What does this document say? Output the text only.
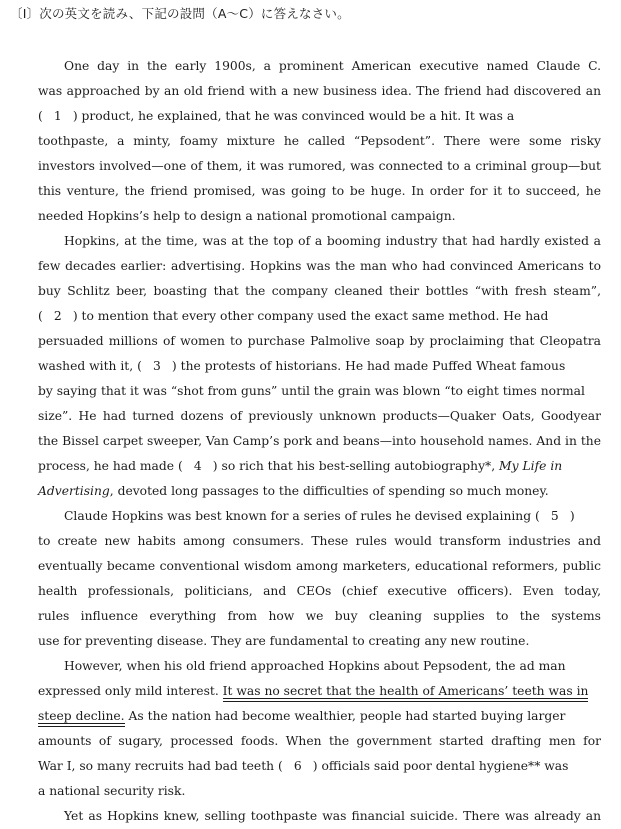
〔Ⅰ〕次の英文を読み、下記の設問（A〜C）に答えなさい。
One day in the early 1900s, a prominent American executive named Claude C.
was approached by an old friend with a new business idea. The friend had discovered an
( 1 ) product, he explained, that he was convinced would be a hit. It was a
toothpaste, a minty, foamy mixture he called “Pepsodent”. There were some risky
investors involved—one of them, it was rumored, was connected to a criminal group—but
this venture, the friend promised, was going to be huge. In order for it to succeed, he
needed Hopkins’s help to design a national promotional campaign.
Hopkins, at the time, was at the top of a booming industry that had hardly existed a
few decades earlier: advertising. Hopkins was the man who had convinced Americans to
buy Schlitz beer, boasting that the company cleaned their bottles “with fresh steam”,
( 2 ) to mention that every other company used the exact same method. He had
persuaded millions of women to purchase Palmolive soap by proclaiming that Cleopatra
washed with it, ( 3 ) the protests of historians. He had made Puffed Wheat famous
by saying that it was “shot from guns” until the grain was blown “to eight times normal
size”. He had turned dozens of previously unknown products—Quaker Oats, Goodyear
the Bissel carpet sweeper, Van Camp’s pork and beans—into household names. And in the
process, he had made ( 4 ) so rich that his best-selling autobiography*, My Life in
Advertising, devoted long passages to the difficulties of spending so much money.
Claude Hopkins was best known for a series of rules he devised explaining ( 5 )
to create new habits among consumers. These rules would transform industries and
eventually became conventional wisdom among marketers, educational reformers, public
health professionals, politicians, and CEOs (chief executive officers). Even today,
rules influence everything from how we buy cleaning supplies to the systems
use for preventing disease. They are fundamental to creating any new routine.
However, when his old friend approached Hopkins about Pepsodent, the ad man
expressed only mild interest. It was no secret that the health of Americans’ teeth was in
steep decline. As the nation had become wealthier, people had started buying larger
amounts of sugary, processed foods. When the government started drafting men for
War I, so many recruits had bad teeth ( 6 ) officials said poor dental hygiene** was
a national security risk.
Yet as Hopkins knew, selling toothpaste was financial suicide. There was already an
